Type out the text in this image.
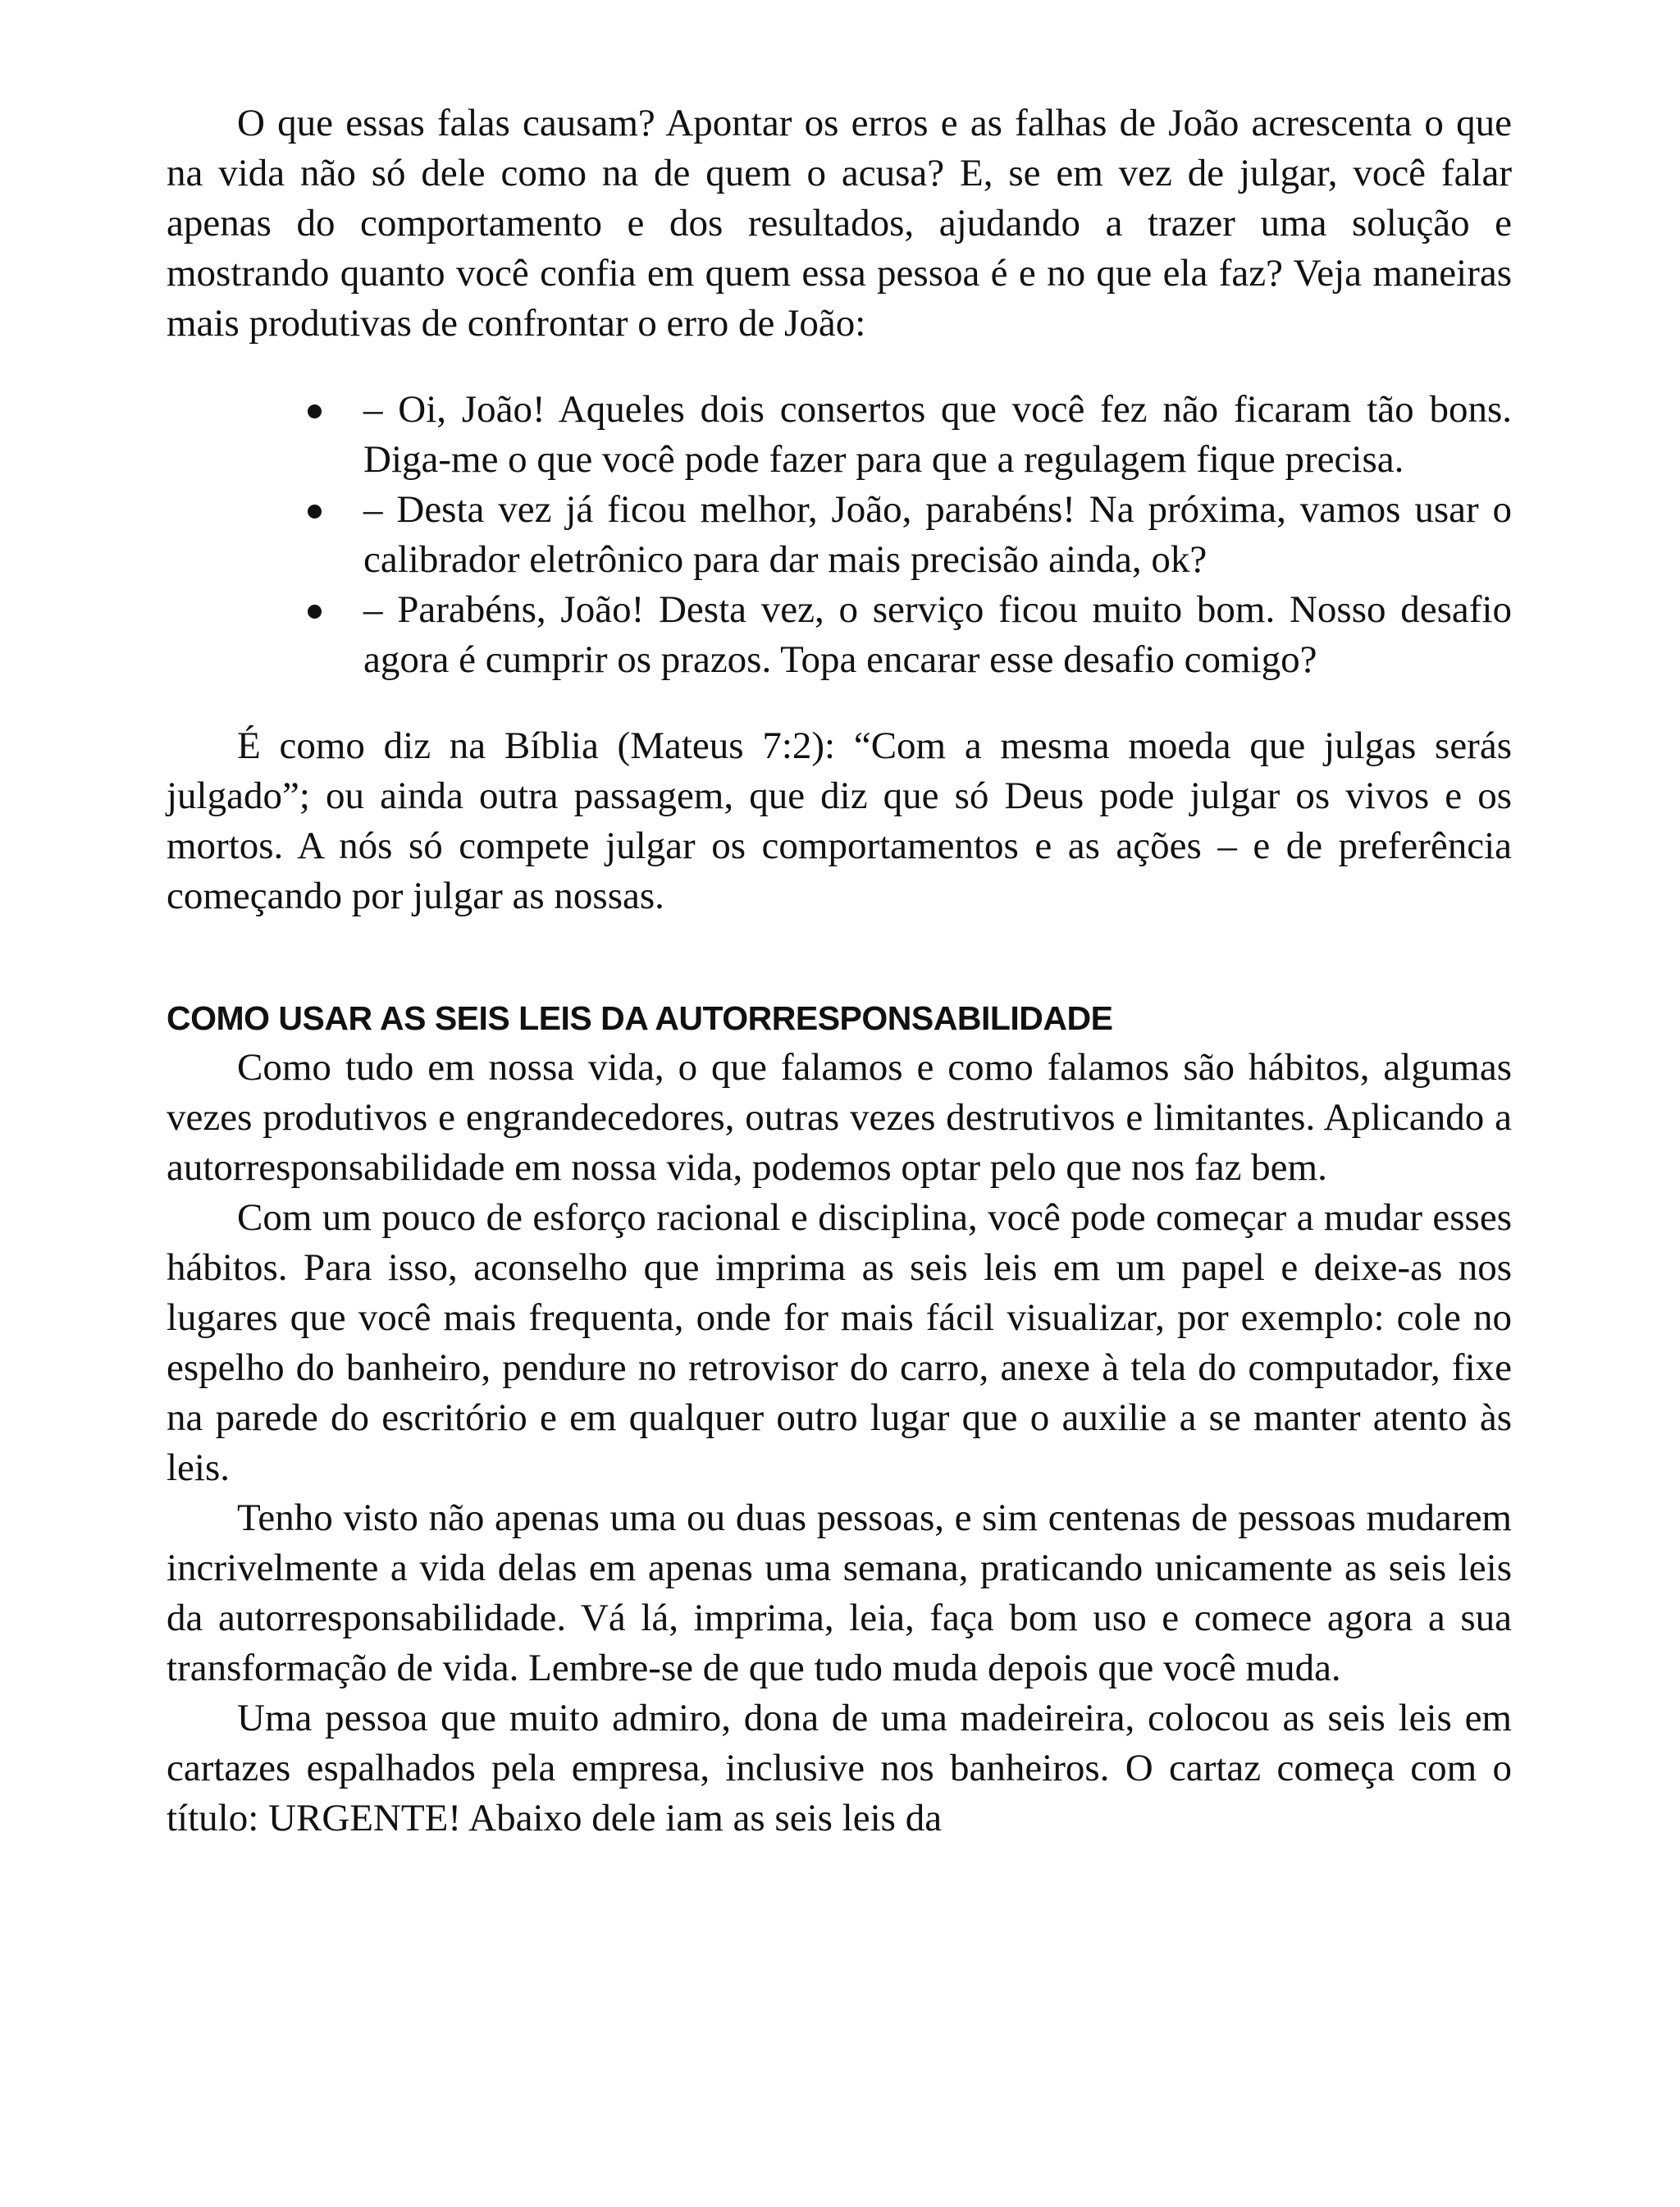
O que essas falas causam? Apontar os erros e as falhas de João acrescenta o que na vida não só dele como na de quem o acusa? E, se em vez de julgar, você falar apenas do comportamento e dos resultados, ajudando a trazer uma solução e mostrando quanto você confia em quem essa pessoa é e no que ela faz? Veja maneiras mais produtivas de confrontar o erro de João:

– Oi, João! Aqueles dois consertos que você fez não ficaram tão bons. Diga-me o que você pode fazer para que a regulagem fique precisa.
– Desta vez já ficou melhor, João, parabéns! Na próxima, vamos usar o calibrador eletrônico para dar mais precisão ainda, ok?
– Parabéns, João! Desta vez, o serviço ficou muito bom. Nosso desafio agora é cumprir os prazos. Topa encarar esse desafio comigo?

É como diz na Bíblia (Mateus 7:2): “Com a mesma moeda que julgas serás julgado”; ou ainda outra passagem, que diz que só Deus pode julgar os vivos e os mortos. A nós só compete julgar os comportamentos e as ações – e de preferência começando por julgar as nossas.

COMO USAR AS SEIS LEIS DA AUTORRESPONSABILIDADE

Como tudo em nossa vida, o que falamos e como falamos são hábitos, algumas vezes produtivos e engrandecedores, outras vezes destrutivos e limitantes. Aplicando a autorresponsabilidade em nossa vida, podemos optar pelo que nos faz bem.

Com um pouco de esforço racional e disciplina, você pode começar a mudar esses hábitos. Para isso, aconselho que imprima as seis leis em um papel e deixe-as nos lugares que você mais frequenta, onde for mais fácil visualizar, por exemplo: cole no espelho do banheiro, pendure no retrovisor do carro, anexe à tela do computador, fixe na parede do escritório e em qualquer outro lugar que o auxilie a se manter atento às leis.

Tenho visto não apenas uma ou duas pessoas, e sim centenas de pessoas mudarem incrivelmente a vida delas em apenas uma semana, praticando unicamente as seis leis da autorresponsabilidade. Vá lá, imprima, leia, faça bom uso e comece agora a sua transformação de vida. Lembre-se de que tudo muda depois que você muda.

Uma pessoa que muito admiro, dona de uma madeireira, colocou as seis leis em cartazes espalhados pela empresa, inclusive nos banheiros. O cartaz começa com o título: URGENTE! Abaixo dele iam as seis leis da
